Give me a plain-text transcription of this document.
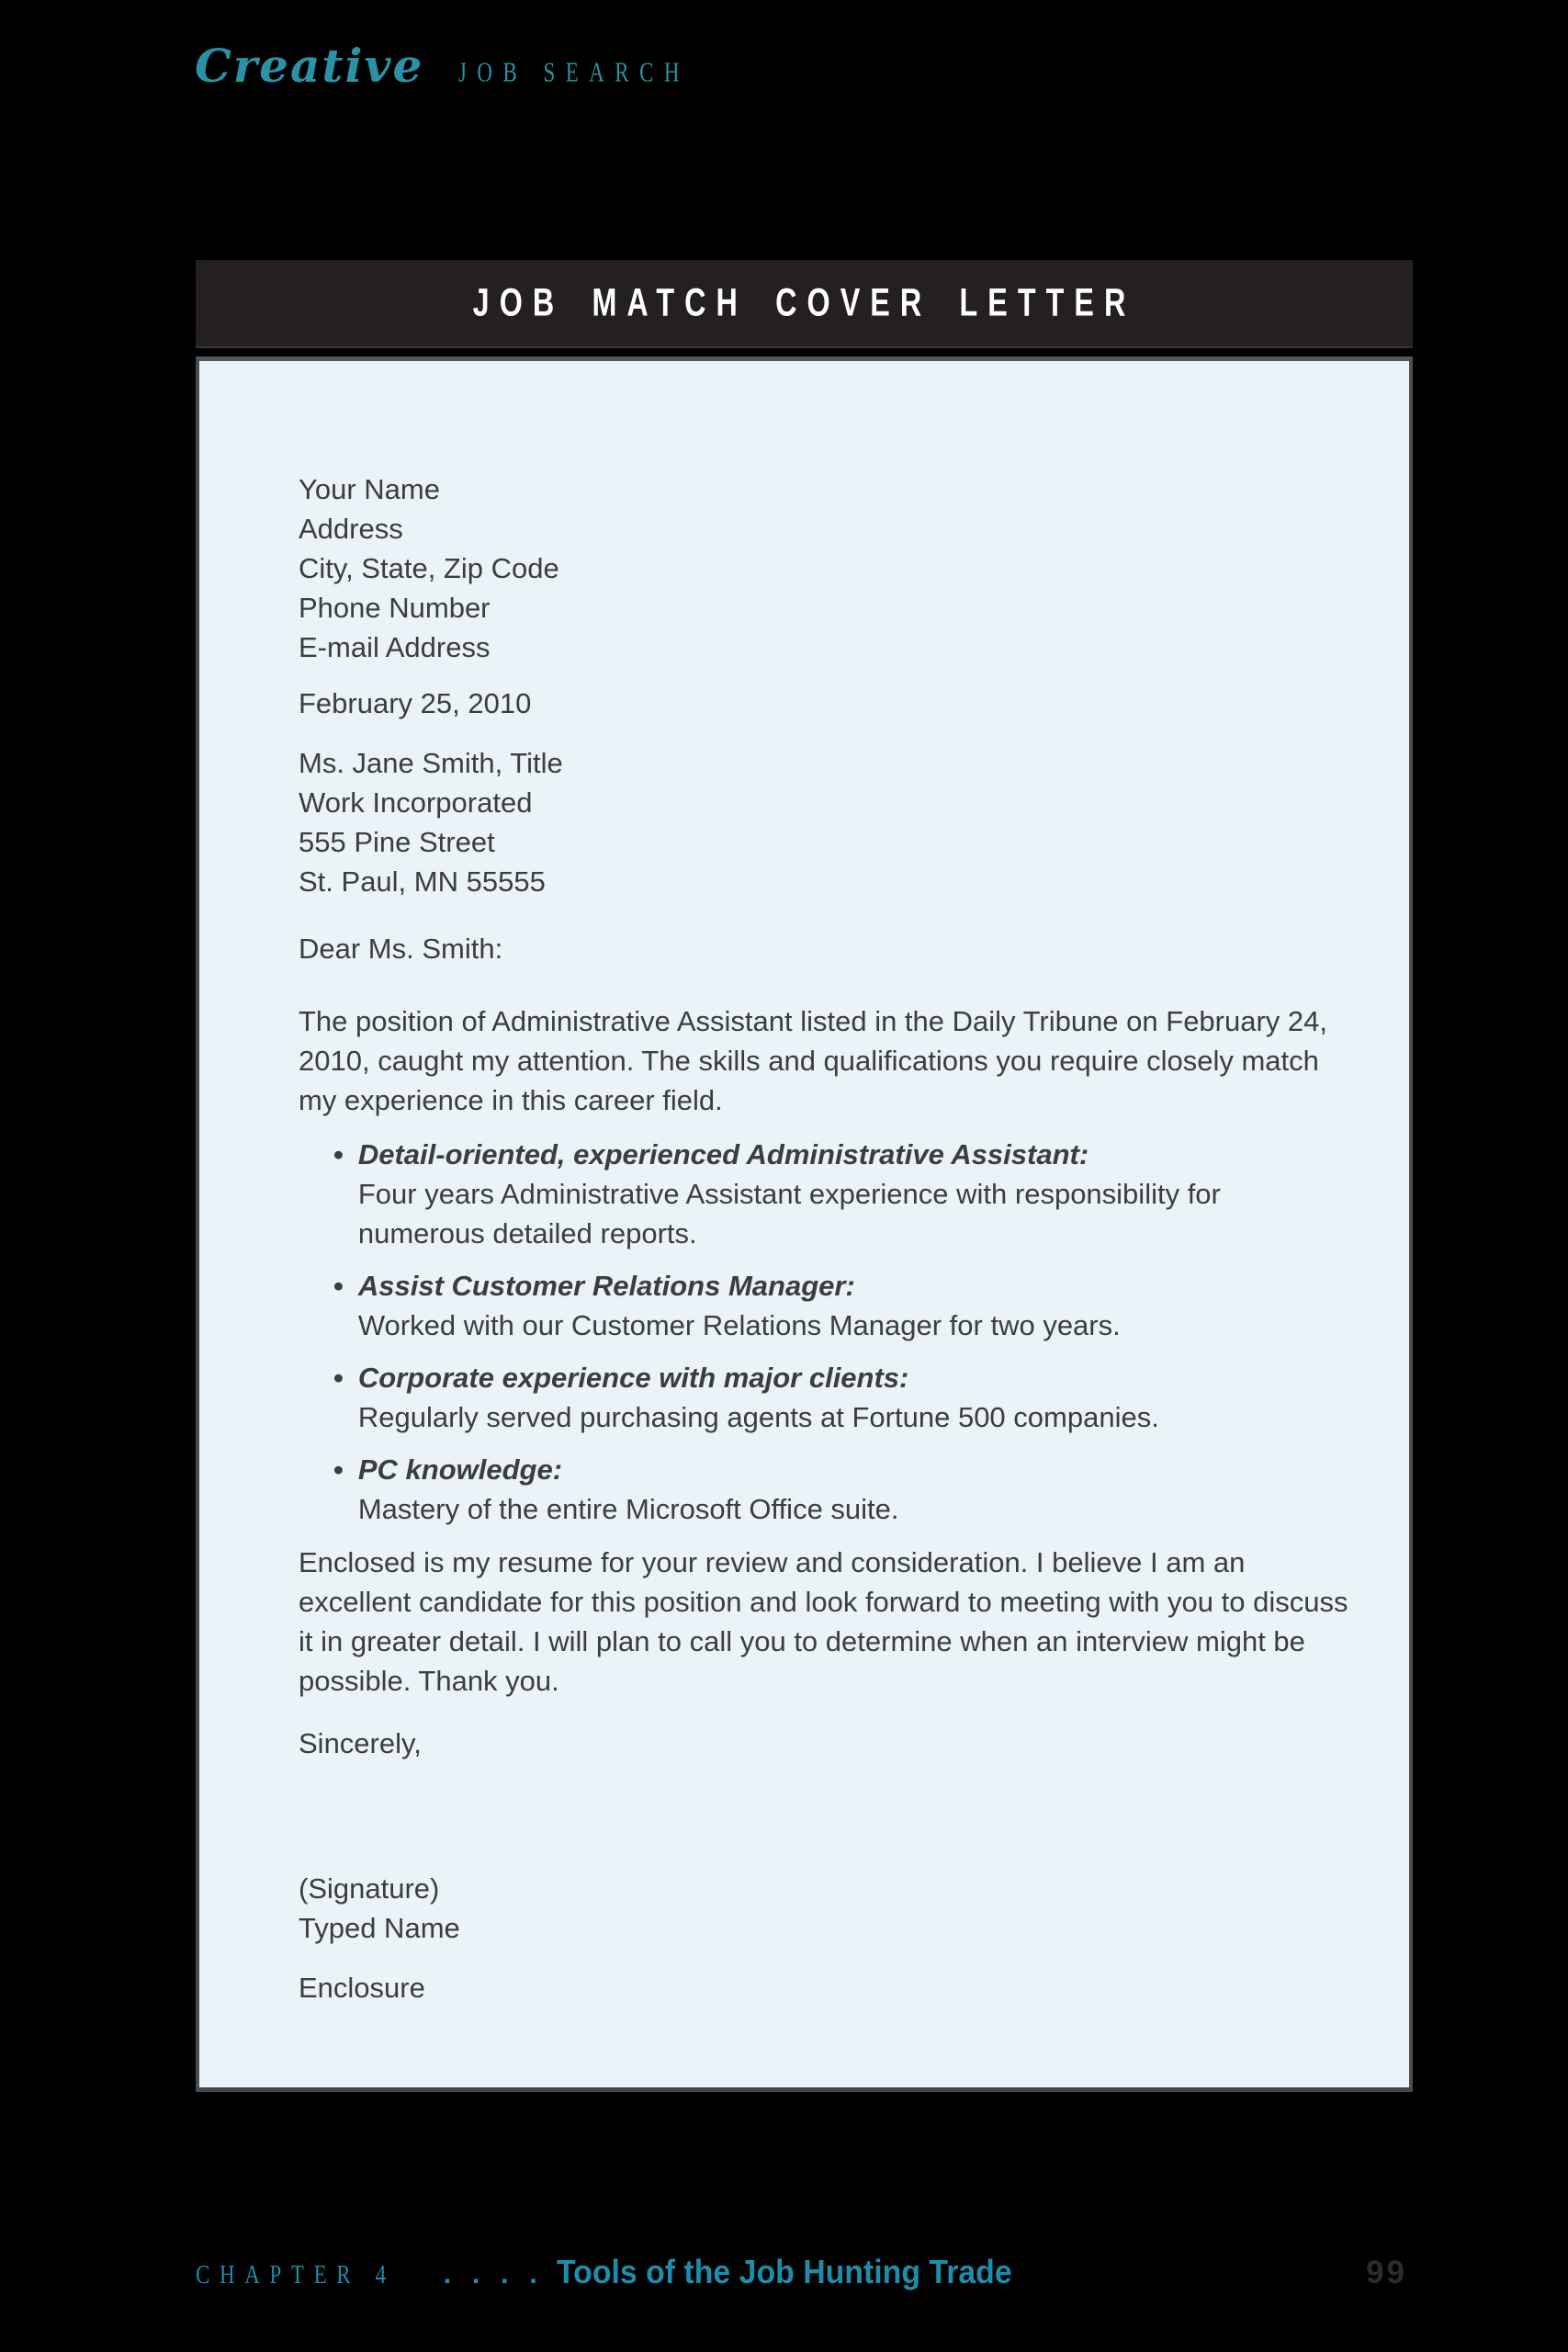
Creative JOB SEARCH
JOB MATCH COVER LETTER
Your Name
Address
City, State, Zip Code
Phone Number
E-mail Address
February 25, 2010
Ms. Jane Smith, Title
Work Incorporated
555 Pine Street
St. Paul, MN 55555
Dear Ms. Smith:

The position of Administrative Assistant listed in the Daily Tribune on February 24, 2010, caught my attention. The skills and qualifications you require closely match my experience in this career field.

• Detail-oriented, experienced Administrative Assistant:
Four years Administrative Assistant experience with responsibility for numerous detailed reports.
• Assist Customer Relations Manager:
Worked with our Customer Relations Manager for two years.
• Corporate experience with major clients:
Regularly served purchasing agents at Fortune 500 companies.
• PC knowledge:
Mastery of the entire Microsoft Office suite.

Enclosed is my resume for your review and consideration. I believe I am an excellent candidate for this position and look forward to meeting with you to discuss it in greater detail. I will plan to call you to determine when an interview might be possible. Thank you.

Sincerely,
(Signature)
Typed Name
Enclosure
CHAPTER 4 . . . . Tools of the Job Hunting Trade	99
